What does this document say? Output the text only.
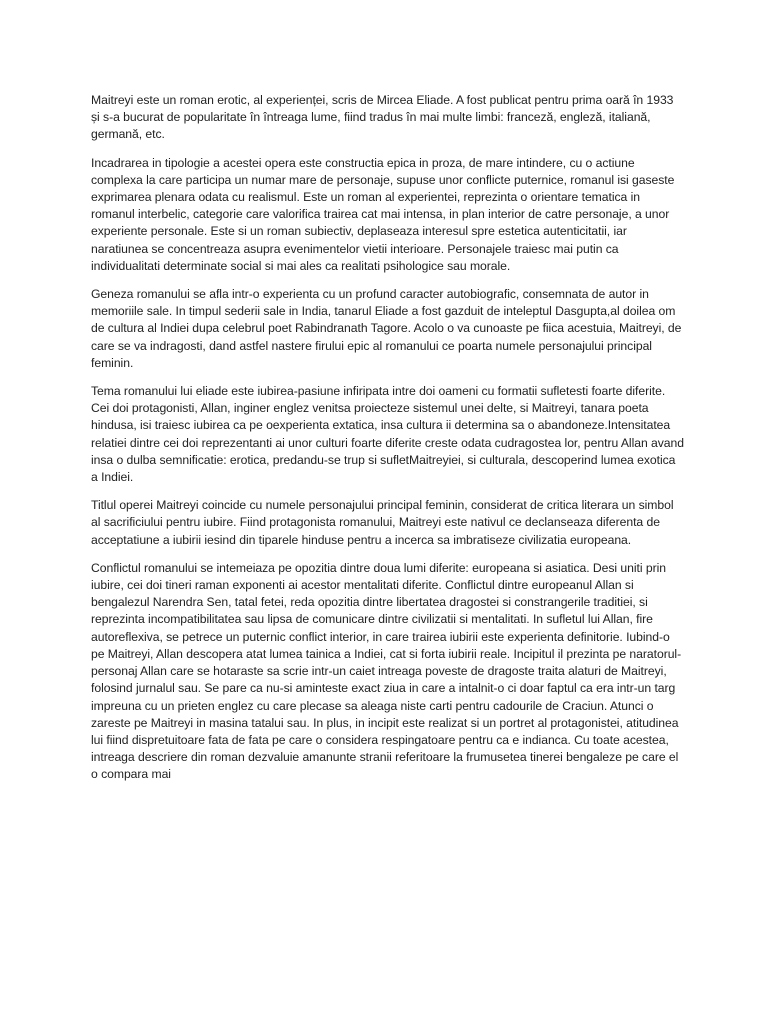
Maitreyi este un roman erotic, al experienței, scris de Mircea Eliade. A fost publicat pentru prima oară în 1933 și s-a bucurat de popularitate în întreaga lume, fiind tradus în mai multe limbi: franceză, engleză, italiană, germană, etc.

Incadrarea in tipologie a acestei opera este constructia epica in proza, de mare intindere, cu o actiune complexa la care participa un numar mare de personaje, supuse unor conflicte puternice, romanul isi gaseste exprimarea plenara odata cu realismul. Este un roman al experientei, reprezinta o orientare tematica in romanul interbelic, categorie care valorifica trairea cat mai intensa, in plan interior de catre personaje, a unor experiente personale. Este si un roman subiectiv, deplaseaza interesul spre estetica autenticitatii, iar naratiunea se concentreaza asupra evenimentelor vietii interioare. Personajele traiesc mai putin ca individualitati determinate social si mai ales ca realitati psihologice sau morale.

Geneza romanului se afla intr-o experienta cu un profund caracter autobiografic, consemnata de autor in memoriile sale. In timpul sederii sale in India, tanarul Eliade a fost gazduit de inteleptul Dasgupta,al doilea om de cultura al Indiei dupa celebrul poet Rabindranath Tagore. Acolo o va cunoaste pe fiica acestuia, Maitreyi, de care se va indragosti, dand astfel nastere firului epic al romanului ce poarta numele personajului principal feminin.

Tema romanului lui eliade este iubirea-pasiune infiripata intre doi oameni cu formatii sufletesti foarte diferite. Cei doi protagonisti, Allan, inginer englez venitsa proiecteze sistemul unei delte, si Maitreyi, tanara poeta hindusa, isi traiesc iubirea ca pe oexperienta extatica, insa cultura ii determina sa o abandoneze.Intensitatea relatiei dintre cei doi reprezentanti ai unor culturi foarte diferite creste odata cudragostea lor, pentru Allan avand insa o dulba semnificatie: erotica, predandu-se trup si sufletMaitreyiei, si culturala, descoperind lumea exotica a Indiei.

Titlul operei Maitreyi coincide cu numele personajului principal feminin, considerat de critica literara un simbol al sacrificiului pentru iubire. Fiind protagonista romanului, Maitreyi este nativul ce declanseaza diferenta de acceptatiune a iubirii iesind din tiparele hinduse pentru a incerca sa imbratiseze civilizatia europeana.

Conflictul romanului se intemeiaza pe opozitia dintre doua lumi diferite: europeana si asiatica. Desi uniti prin iubire, cei doi tineri raman exponenti ai acestor mentalitati diferite. Conflictul dintre europeanul Allan si bengalezul Narendra Sen, tatal fetei, reda opozitia dintre libertatea dragostei si constrangerile traditiei, si reprezinta incompatibilitatea sau lipsa de comunicare dintre civilizatii si mentalitati. In sufletul lui Allan, fire autoreflexiva, se petrece un puternic conflict interior, in care trairea iubirii este experienta definitorie. Iubind-o pe Maitreyi, Allan descopera atat lumea tainica a Indiei, cat si forta iubirii reale. Incipitul il prezinta pe naratorul-personaj Allan care se hotaraste sa scrie intr-un caiet intreaga poveste de dragoste traita alaturi de Maitreyi, folosind jurnalul sau. Se pare ca nu-si aminteste exact ziua in care a intalnit-o ci doar faptul ca era intr-un targ impreuna cu un prieten englez cu care plecase sa aleaga niste carti pentru cadourile de Craciun. Atunci o zareste pe Maitreyi in masina tatalui sau. In plus, in incipit este realizat si un portret al protagonistei, atitudinea lui fiind dispretuitoare fata de fata pe care o considera respingatoare pentru ca e indianca. Cu toate acestea, intreaga descriere din roman dezvaluie amanunte stranii referitoare la frumusetea tinerei bengaleze pe care el o compara mai
